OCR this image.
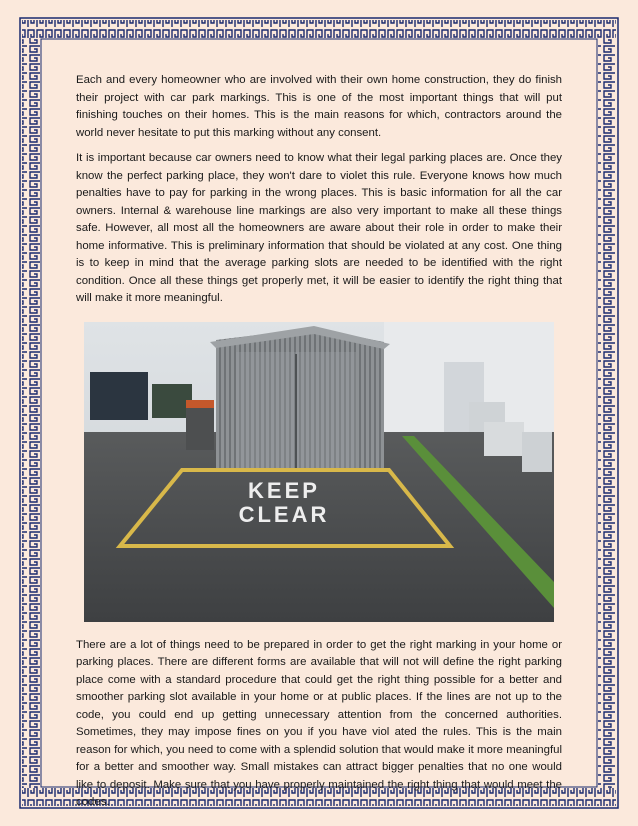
Each and every homeowner who are involved with their own home construction, they do finish their project with car park markings. This is one of the most important things that will put finishing touches on their homes. This is the main reasons for which, contractors around the world never hesitate to put this marking without any consent.

It is important because car owners need to know what their legal parking places are. Once they know the perfect parking place, they won't dare to violet this rule. Everyone knows how much penalties have to pay for parking in the wrong places. This is basic information for all the car owners. Internal & warehouse line markings are also very important to make all these things safe. However, all most all the homeowners are aware about their role in order to make their home informative. This is preliminary information that should be violated at any cost. One thing is to keep in mind that the average parking slots are needed to be identified with the right condition. Once all these things get properly met, it will be easier to identify the right thing that will make it more meaningful.

KEEP
CLEAR

There are a lot of things need to be prepared in order to get the right marking in your home or parking places. There are different forms are available that will not will define the right parking place come with a standard procedure that could get the right thing possible for a better and smoother parking slot available in your home or at public places. If the lines are not up to the code, you could end up getting unnecessary attention from the concerned authorities. Sometimes, they may impose fines on you if you have viol ated the rules. This is the main reason for which, you need to come with a splendid solution that would make it more meaningful for a better and smoother way. Small mistakes can attract bigger penalties that no one would like to deposit. Make sure that you have properly maintained the right thing that would meet the codes.
